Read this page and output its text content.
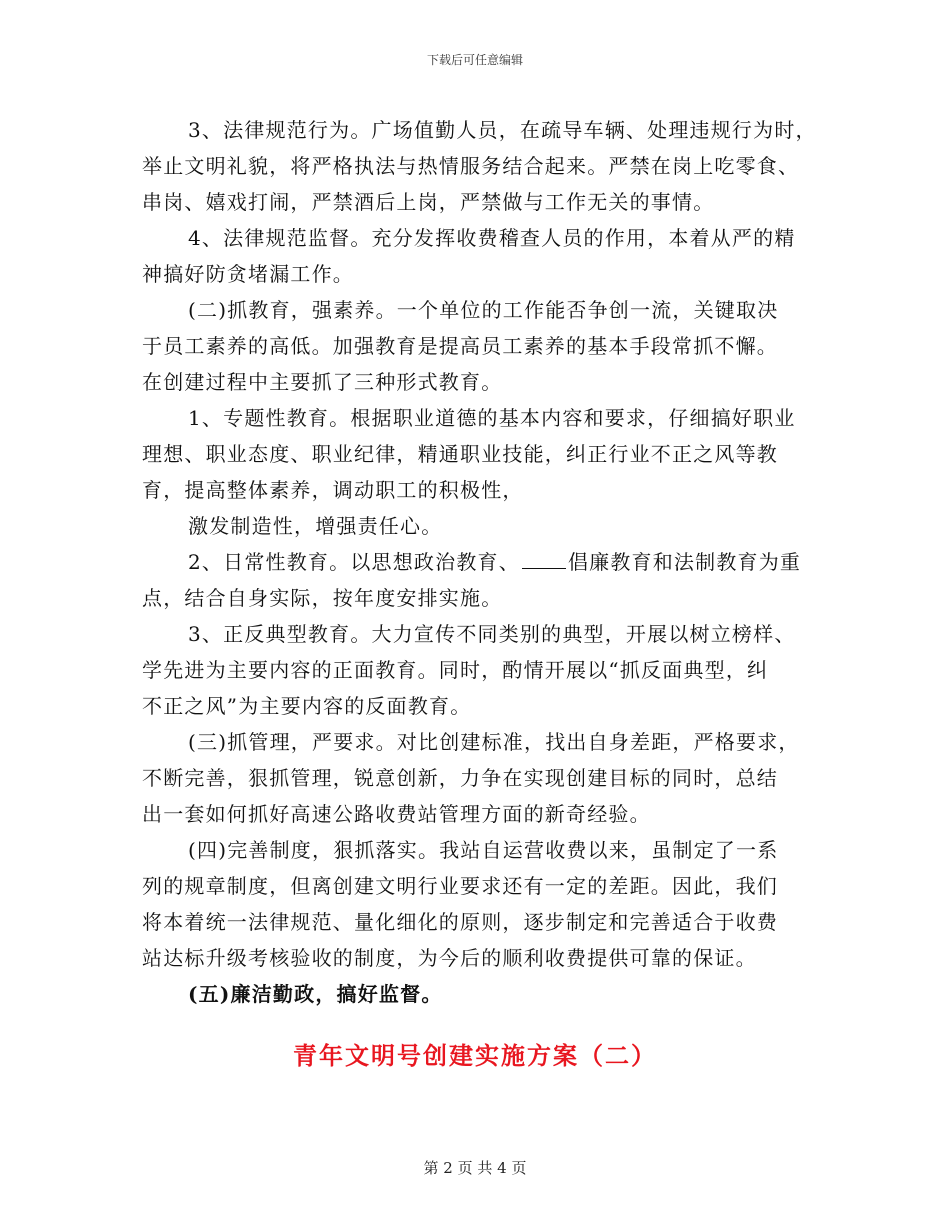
下载后可任意编辑
3、法律规范行为。广场值勤人员，在疏导车辆、处理违规行为时，
举止文明礼貌，将严格执法与热情服务结合起来。严禁在岗上吃零食、
串岗、嬉戏打闹，严禁酒后上岗，严禁做与工作无关的事情。
4、法律规范监督。充分发挥收费稽查人员的作用，本着从严的精
神搞好防贪堵漏工作。
(二)抓教育，强素养。一个单位的工作能否争创一流，关键取决
于员工素养的高低。加强教育是提高员工素养的基本手段常抓不懈。
在创建过程中主要抓了三种形式教育。
1、专题性教育。根据职业道德的基本内容和要求，仔细搞好职业
理想、职业态度、职业纪律，精通职业技能，纠正行业不正之风等教
育，提高整体素养，调动职工的积极性，
激发制造性，增强责任心。
2、日常性教育。以思想政治教育、 倡廉教育和法制教育为重
点，结合自身实际，按年度安排实施。
3、正反典型教育。大力宣传不同类别的典型，开展以树立榜样、
学先进为主要内容的正面教育。同时，酌情开展以“抓反面典型，纠
不正之风”为主要内容的反面教育。
(三)抓管理，严要求。对比创建标准，找出自身差距，严格要求，
不断完善，狠抓管理，锐意创新，力争在实现创建目标的同时，总结
出一套如何抓好高速公路收费站管理方面的新奇经验。
(四)完善制度，狠抓落实。我站自运营收费以来，虽制定了一系
列的规章制度，但离创建文明行业要求还有一定的差距。因此，我们
将本着统一法律规范、量化细化的原则，逐步制定和完善适合于收费
站达标升级考核验收的制度，为今后的顺利收费提供可靠的保证。
(五)廉洁勤政，搞好监督。
青年文明号创建实施方案（二）
第 2 页 共 4 页
